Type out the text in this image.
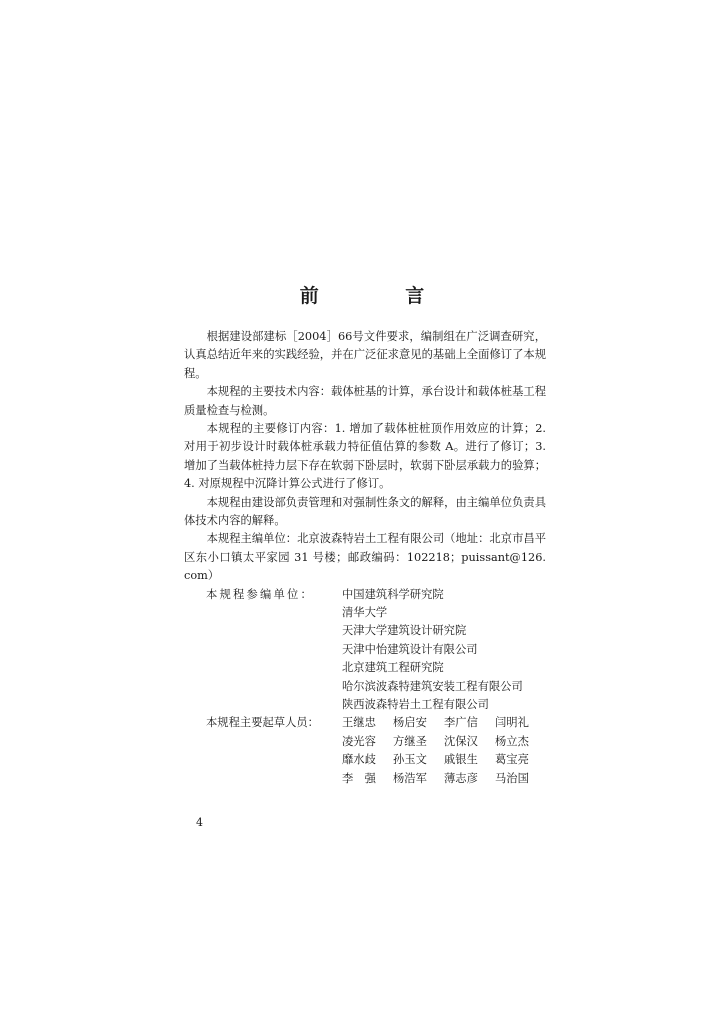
前 言

根据建设部建标［2004］66号文件要求，编制组在广泛调查研究，认真总结近年来的实践经验，并在广泛征求意见的基础上全面修订了本规程。

本规程的主要技术内容：载体桩基的计算，承台设计和载体桩基工程质量检查与检测。

本规程的主要修订内容：1. 增加了载体桩桩顶作用效应的计算；2. 对用于初步设计时载体桩承载力特征值估算的参数 A。进行了修订；3. 增加了当载体桩持力层下存在软弱下卧层时，软弱下卧层承载力的验算；4. 对原规程中沉降计算公式进行了修订。

本规程由建设部负责管理和对强制性条文的解释，由主编单位负责具体技术内容的解释。

本规程主编单位：北京波森特岩土工程有限公司（地址：北京市昌平区东小口镇太平家园 31 号楼；邮政编码：102218；puissant@126. com）

本规程参编单位：	中国建筑科学研究院
清华大学
天津大学建筑设计研究院
天津中怡建筑设计有限公司
北京建筑工程研究院
哈尔滨波森特建筑安装工程有限公司
陕西波森特岩土工程有限公司
本规程主要起草人员：	王继忠	杨启安	李广信	闫明礼
凌光容	方继圣	沈保汉	杨立杰
靡水歧	孙玉文	戚银生	葛宝亮
李　强	杨浩军	薄志彦	马治国
4
